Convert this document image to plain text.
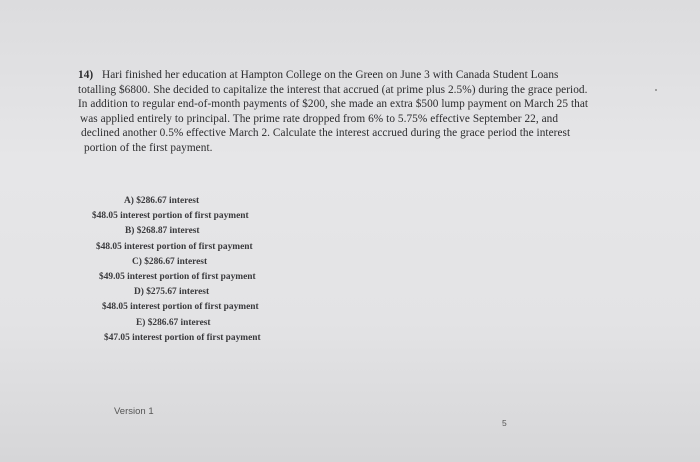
14) Hari finished her education at Hampton College on the Green on June 3 with Canada Student Loans
totalling $6800. She decided to capitalize the interest that accrued (at prime plus 2.5%) during the grace period.
In addition to regular end-of-month payments of $200, she made an extra $500 lump payment on March 25 that
was applied entirely to principal. The prime rate dropped from 6% to 5.75% effective September 22, and
declined another 0.5% effective March 2. Calculate the interest accrued during the grace period the interest
portion of the first payment.
A) $286.67 interest
$48.05 interest portion of first payment
B) $268.87 interest
$48.05 interest portion of first payment
C) $286.67 interest
$49.05 interest portion of first payment
D) $275.67 interest
$48.05 interest portion of first payment
E) $286.67 interest
$47.05 interest portion of first payment
Version 1
5
